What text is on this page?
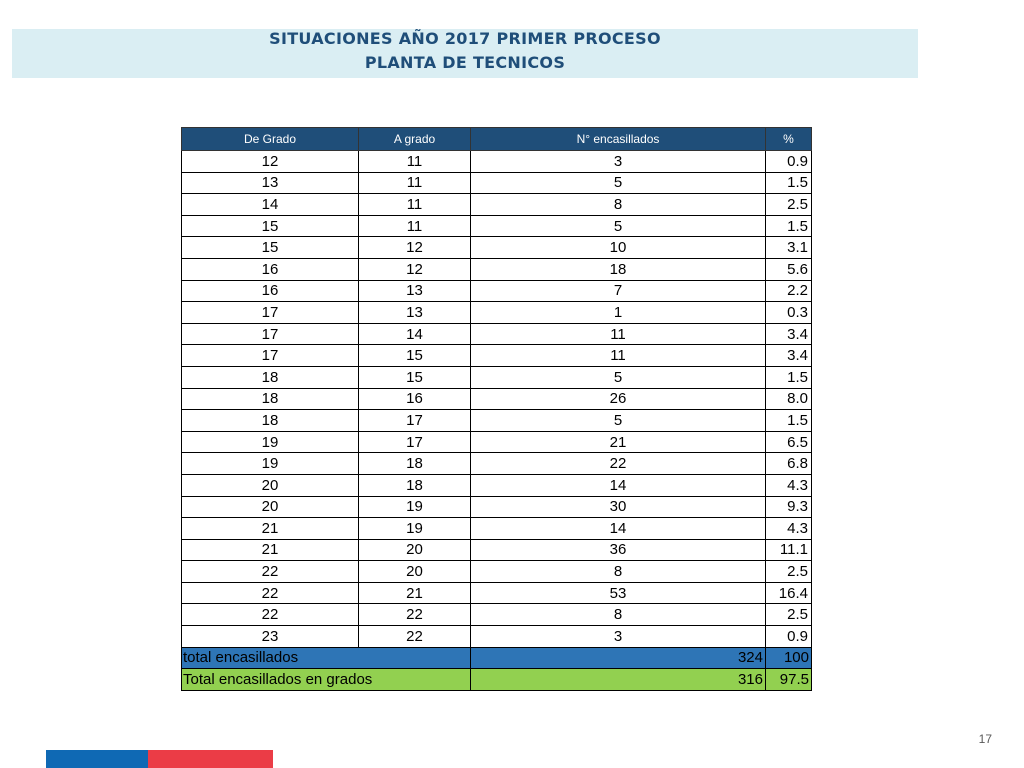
SITUACIONES AÑO 2017 PRIMER PROCESO
PLANTA DE TECNICOS
De Grado	A grado	N° encasillados	%
12	11	3	0.9
13	11	5	1.5
14	11	8	2.5
15	11	5	1.5
15	12	10	3.1
16	12	18	5.6
16	13	7	2.2
17	13	1	0.3
17	14	11	3.4
17	15	11	3.4
18	15	5	1.5
18	16	26	8.0
18	17	5	1.5
19	17	21	6.5
19	18	22	6.8
20	18	14	4.3
20	19	30	9.3
21	19	14	4.3
21	20	36	11.1
22	20	8	2.5
22	21	53	16.4
22	22	8	2.5
23	22	3	0.9
total encasillados		324	100
Total encasillados en grados		316	97.5
17
